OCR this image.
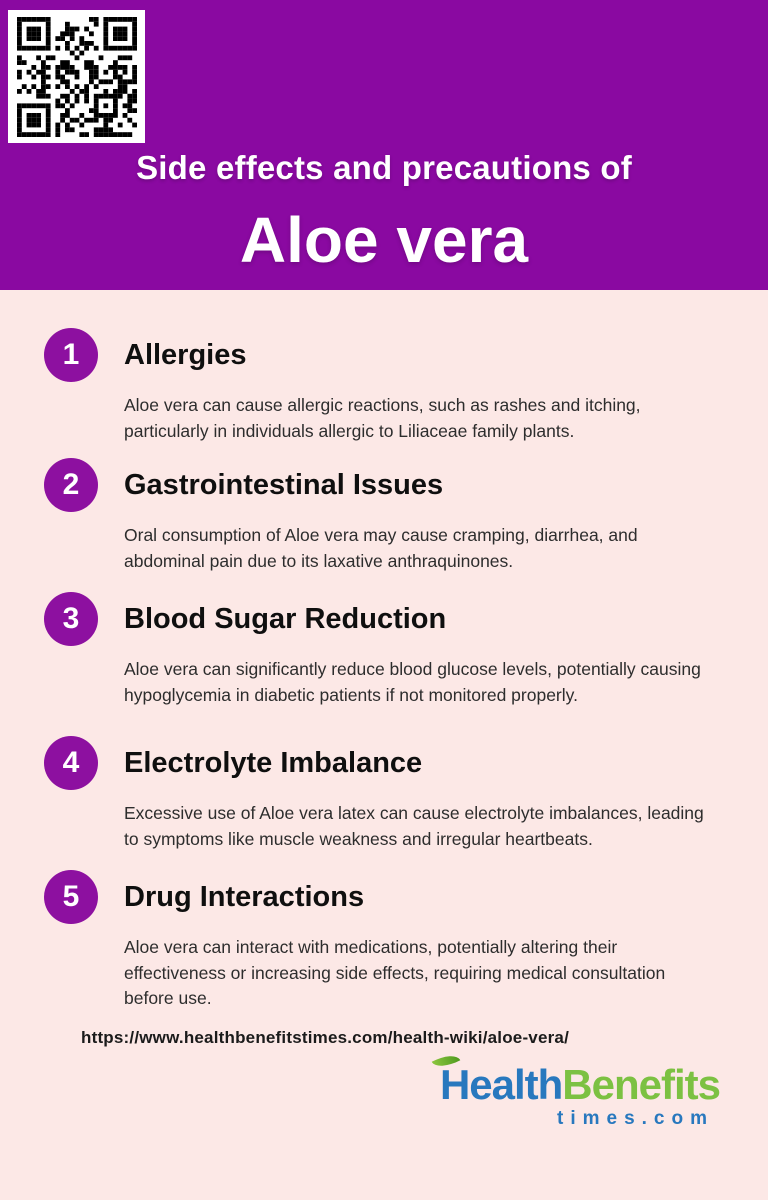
Side effects and precautions of
Aloe vera
1	Allergies

Aloe vera can cause allergic reactions, such as rashes and itching, particularly in individuals allergic to Liliaceae family plants.

2	Gastrointestinal Issues

Oral consumption of Aloe vera may cause cramping, diarrhea, and abdominal pain due to its laxative anthraquinones.

3	Blood Sugar Reduction

Aloe vera can significantly reduce blood glucose levels, potentially causing hypoglycemia in diabetic patients if not monitored properly.

4	Electrolyte Imbalance

Excessive use of Aloe vera latex can cause electrolyte imbalances, leading to symptoms like muscle weakness and irregular heartbeats.

5	Drug Interactions

Aloe vera can interact with medications, potentially altering their effectiveness or increasing side effects, requiring medical consultation before use.

https://www.healthbenefitstimes.com/health-wiki/aloe-vera/
HealthBenefits
times.com
